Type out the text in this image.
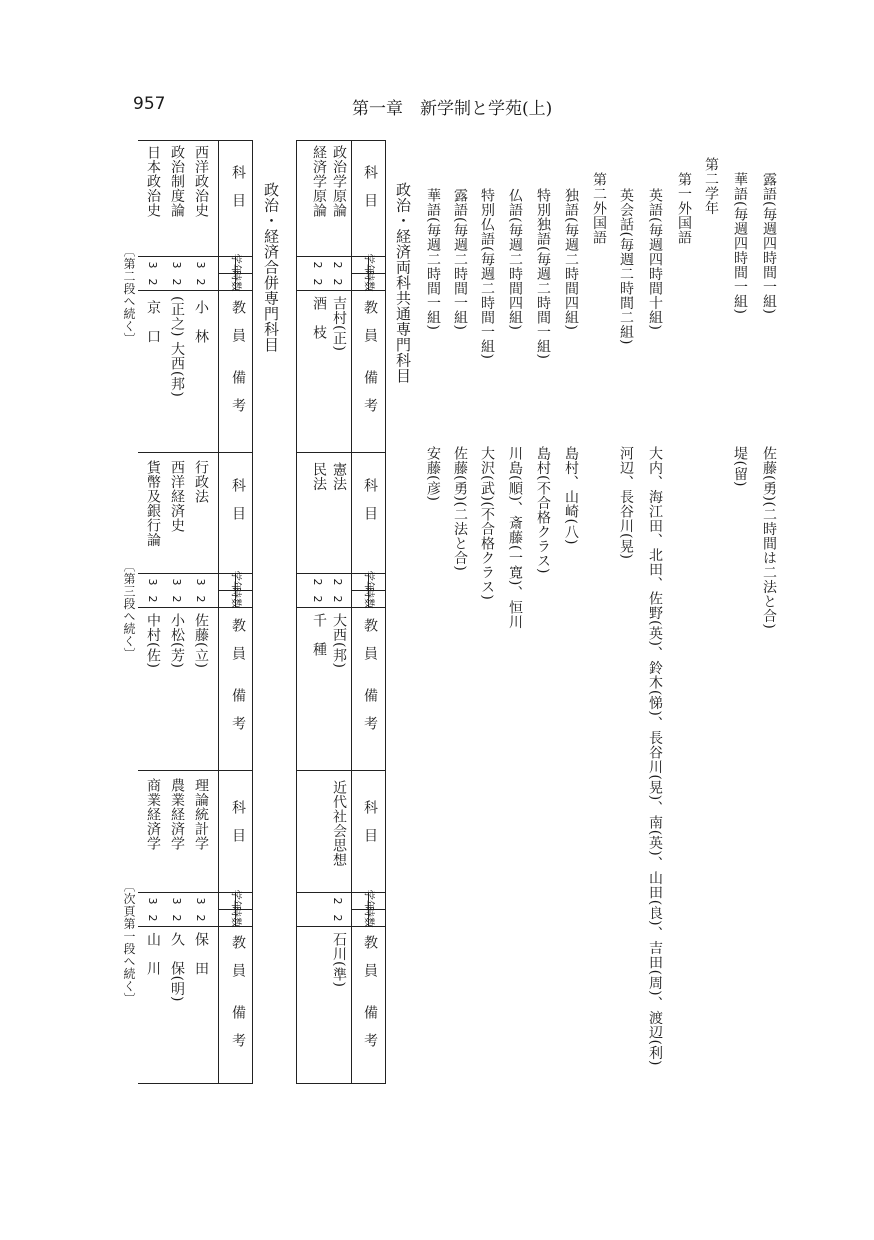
957	第一章　新学制と学苑(上)
露語(毎週四時間一組)
佐藤(勇)(二時間は二法と合)
華語(毎週四時間一組)
堤(留)
第二学年
第一外国語
英語(毎週四時間十組)
大内、海江田、北田、佐野(英)、鈴木(悌)、長谷川(晃)、南(英)、山田(良)、吉田(周)、渡辺(利)
英会話(毎週二時間二組)
河辺、長谷川(晃)
第二外国語
独語(毎週二時間四組)
島村、山崎(八)
特別独語(毎週二時間一組)
島村(不合格クラス)
仏語(毎週二時間四組)
川島(順)、斎藤(一寛)、恒川
特別仏語(毎週二時間一組)
大沢(武)(不合格クラス)
露語(毎週二時間一組)
佐藤(勇)(二法と合)
華語(毎週二時間一組)
安藤(彦)
政治・経済両科共通専門科目
政治・経済合併専門科目	科　目
学年
時数
教　員
備　考
科　目
学年
時数
教　員
備　考
科　目
学年
時数
教　員
備　考
政治学原論
2
2
吉村(正)
経済学原論
2
2
酒　枝
憲法
2
2
大西(邦)
民法
2
2
千　種
近代社会思想
2
2
石川(準)
科　目
学年
時数
教　員
備　考
科　目
学年
時数
教　員
備　考
科　目
学年
時数
教　員
備　考
西洋政治史
3
2
小　林
政治制度論
3
2
(正之) 大西(邦)
日本政治史
3
2
京　口
行政法
3
2
佐藤(立)
西洋経済史
3
2
小松(芳)
貨幣及銀行論
3
2
中村(佐)
理論統計学
3
2
保　田
農業経済学
3
2
久　保(明)
商業経済学
3
2
山　川
〔第二段へ続く〕
〔第三段へ続く〕
〔次頁第一段へ続く〕
